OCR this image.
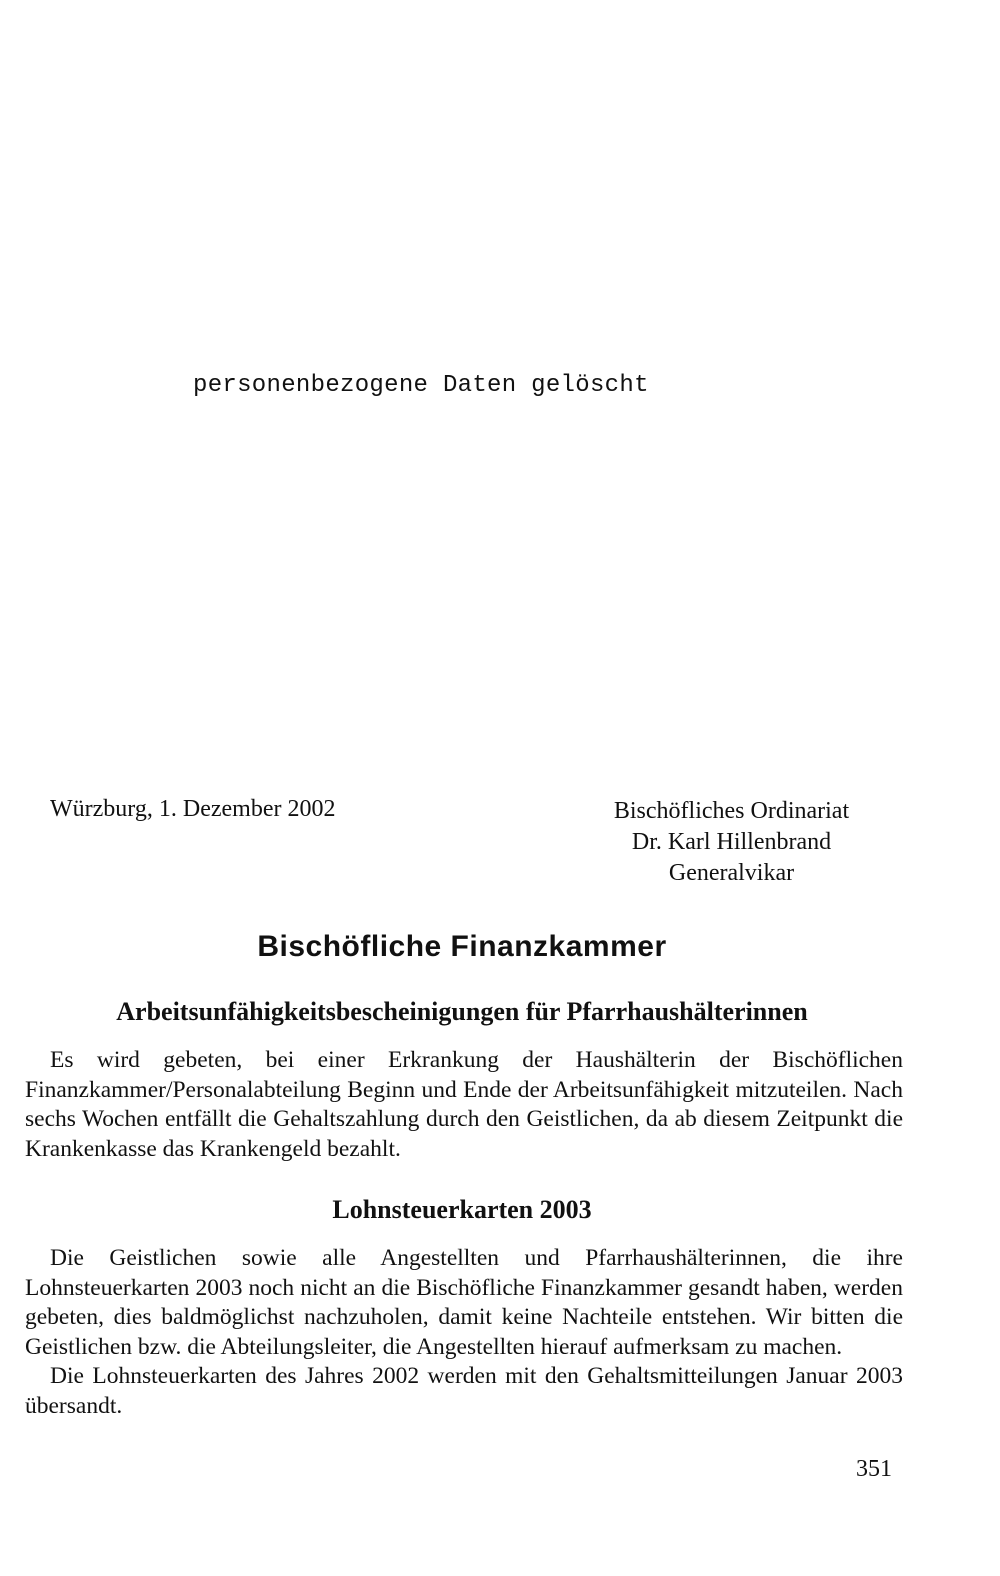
personenbezogene Daten gelöscht
Würzburg, 1. Dezember 2002	Bischöfliches Ordinariat
Dr. Karl Hillenbrand
Generalvikar
Bischöfliche Finanzkammer
Arbeitsunfähigkeitsbescheinigungen für Pfarrhaushälterinnen

Es wird gebeten, bei einer Erkrankung der Haushälterin der Bischöflichen Finanzkammer/Personalabteilung Beginn und Ende der Arbeitsunfähigkeit mitzuteilen. Nach sechs Wochen entfällt die Gehaltszahlung durch den Geistlichen, da ab diesem Zeitpunkt die Krankenkasse das Krankengeld bezahlt.

Lohnsteuerkarten 2003

Die Geistlichen sowie alle Angestellten und Pfarrhaushälterinnen, die ihre Lohnsteuerkarten 2003 noch nicht an die Bischöfliche Finanzkammer gesandt haben, werden gebeten, dies baldmöglichst nachzuholen, damit keine Nachteile entstehen. Wir bitten die Geistlichen bzw. die Abteilungsleiter, die Angestellten hierauf aufmerksam zu machen.

Die Lohnsteuerkarten des Jahres 2002 werden mit den Gehaltsmitteilungen Januar 2003 übersandt.

351
